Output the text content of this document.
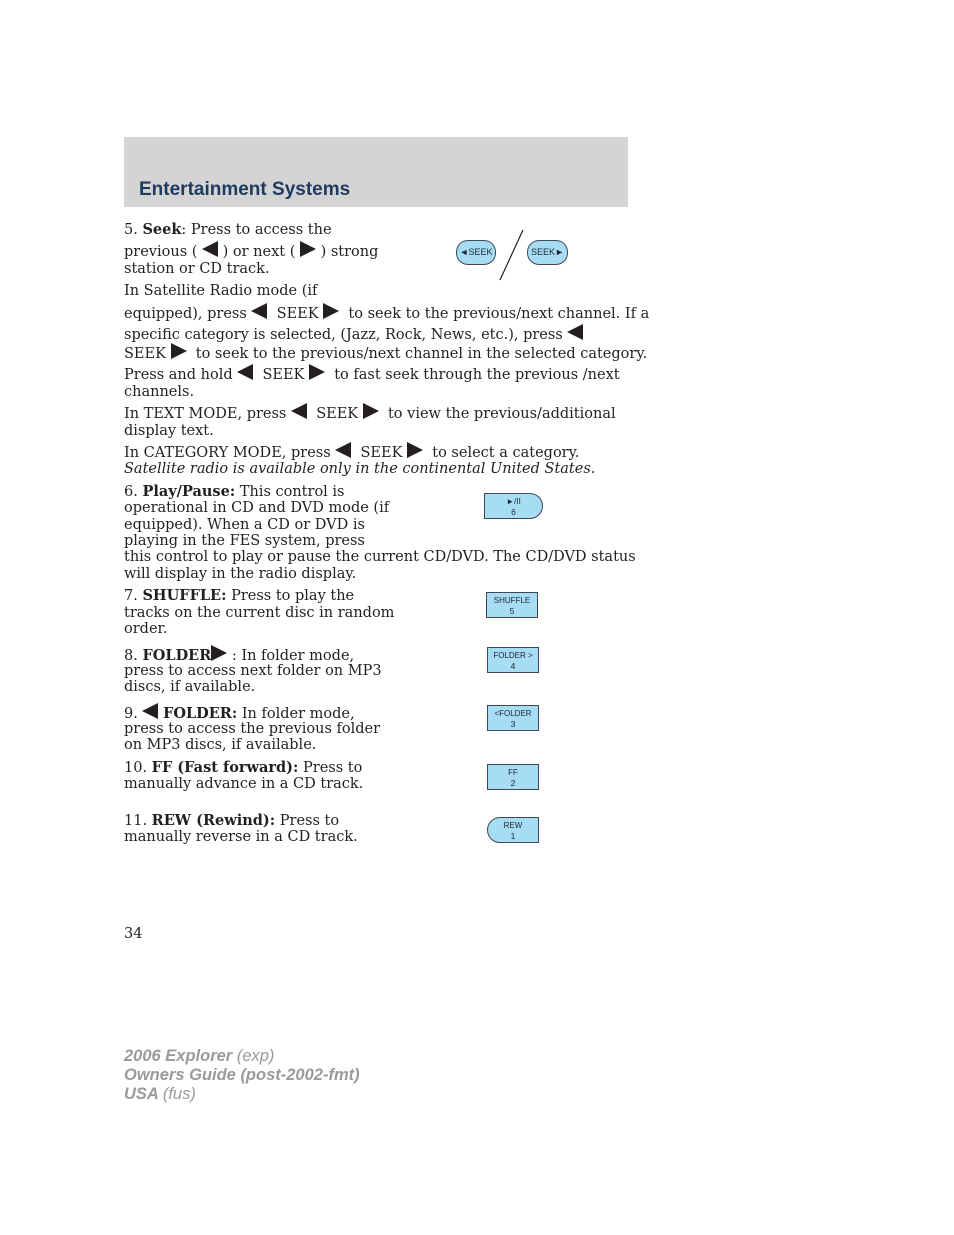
Entertainment Systems
5. Seek: Press to access the
previous ( ) or next ( ) strong
station or CD track.
◄SEEK	SEEK►
In Satellite Radio mode (if
equipped), press SEEK to seek to the previous/next channel. If a
specific category is selected, (Jazz, Rock, News, etc.), press
SEEK to seek to the previous/next channel in the selected category.
Press and hold SEEK to fast seek through the previous /next
channels.
In TEXT MODE, press SEEK to view the previous/additional
display text.
In CATEGORY MODE, press SEEK to select a category.
Satellite radio is available only in the continental United States.
6. Play/Pause: This control is
operational in CD and DVD mode (if
equipped). When a CD or DVD is
playing in the FES system, press
this control to play or pause the current CD/DVD. The CD/DVD status
will display in the radio display.
►/II
6
7. SHUFFLE: Press to play the
tracks on the current disc in random
order.
SHUFFLE
5
8. FOLDER : In folder mode,
press to access next folder on MP3
discs, if available.
FOLDER >
4
9. FOLDER: In folder mode,
press to access the previous folder
on MP3 discs, if available.
<FOLDER
3
10. FF (Fast forward): Press to
manually advance in a CD track.
FF
2
11. REW (Rewind): Press to
manually reverse in a CD track.
REW
1
34
2006 Explorer (exp)
Owners Guide (post-2002-fmt)
USA (fus)
